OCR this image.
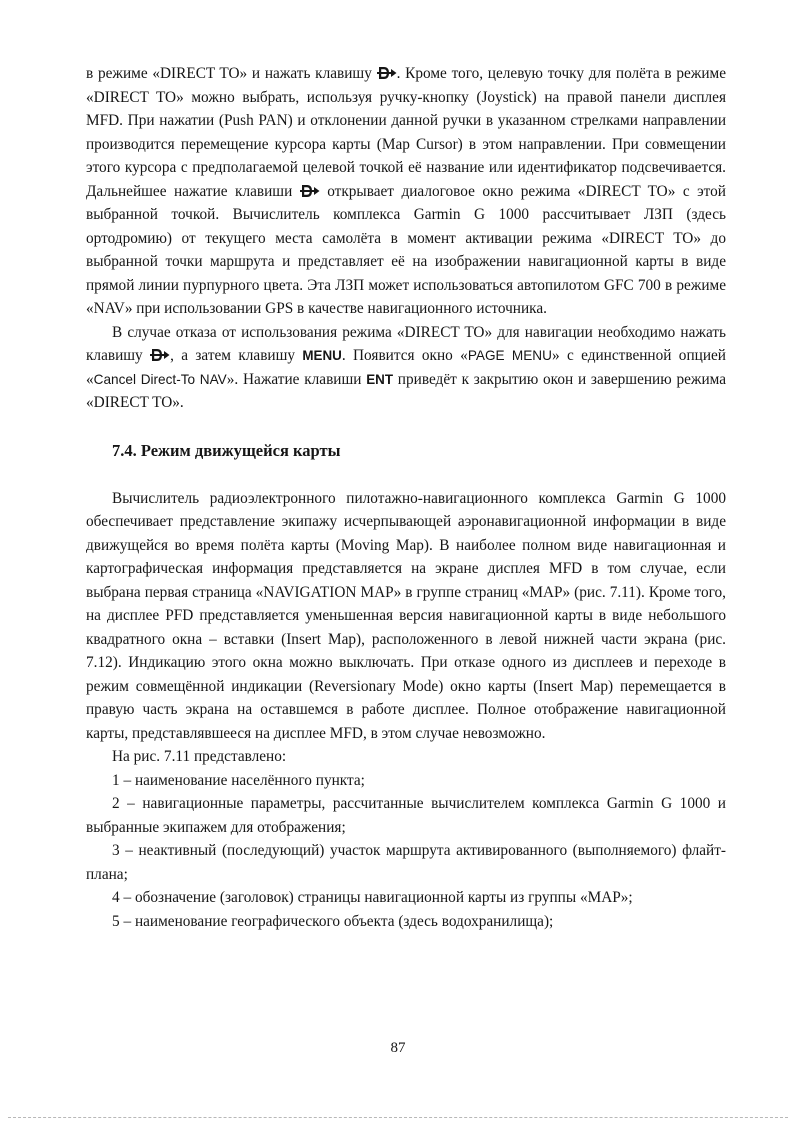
в режиме «DIRECT TO» и нажать клавишу . Кроме того, целевую точку для полёта в режиме «DIRECT TO» можно выбрать, используя ручку-кнопку (Joystick) на правой панели дисплея MFD. При нажатии (Push PAN) и отклонении данной ручки в указанном стрелками направлении производится перемещение курсора карты (Map Cursor) в этом направлении. При совмещении этого курсора с предполагаемой целевой точкой её название или идентификатор подсвечивается. Дальнейшее нажатие клавиши  открывает диалоговое окно режима «DIRECT TO» с этой выбранной точкой. Вычислитель комплекса Garmin G 1000 рассчитывает ЛЗП (здесь ортодромию) от текущего места самолёта в момент активации режима «DIRECT TO» до выбранной точки маршрута и представляет её на изображении навигационной карты в виде прямой линии пурпурного цвета. Эта ЛЗП может использоваться автопилотом GFC 700 в режиме «NAV» при использовании GPS в качестве навигационного источника.

В случае отказа от использования режима «DIRECT TO» для навигации необходимо нажать клавишу , а затем клавишу MENU. Появится окно «PAGE MENU» с единственной опцией «Cancel Direct-To NAV». Нажатие клавиши ENT приведёт к закрытию окон и завершению режима «DIRECT TO».

7.4. Режим движущейся карты

Вычислитель радиоэлектронного пилотажно-навигационного комплекса Garmin G 1000 обеспечивает представление экипажу исчерпывающей аэронавигационной информации в виде движущейся во время полёта карты (Moving Map). В наиболее полном виде навигационная и картографическая информация представляется на экране дисплея MFD в том случае, если выбрана первая страница «NAVIGATION MAP» в группе страниц «MAP» (рис. 7.11). Кроме того, на дисплее PFD представляется уменьшенная версия навигационной карты в виде небольшого квадратного окна – вставки (Insert Map), расположенного в левой нижней части экрана (рис. 7.12). Индикацию этого окна можно выключать. При отказе одного из дисплеев и переходе в режим совмещённой индикации (Reversionary Mode) окно карты (Insert Map) перемещается в правую часть экрана на оставшемся в работе дисплее. Полное отображение навигационной карты, представлявшееся на дисплее MFD, в этом случае невозможно.

На рис. 7.11 представлено:

1 – наименование населённого пункта;

2 – навигационные параметры, рассчитанные вычислителем комплекса Garmin G 1000 и выбранные экипажем для отображения;

3 – неактивный (последующий) участок маршрута активированного (выполняемого) флайт-плана;

4 – обозначение (заголовок) страницы навигационной карты из группы «MAP»;

5 – наименование географического объекта (здесь водохранилища);

87
